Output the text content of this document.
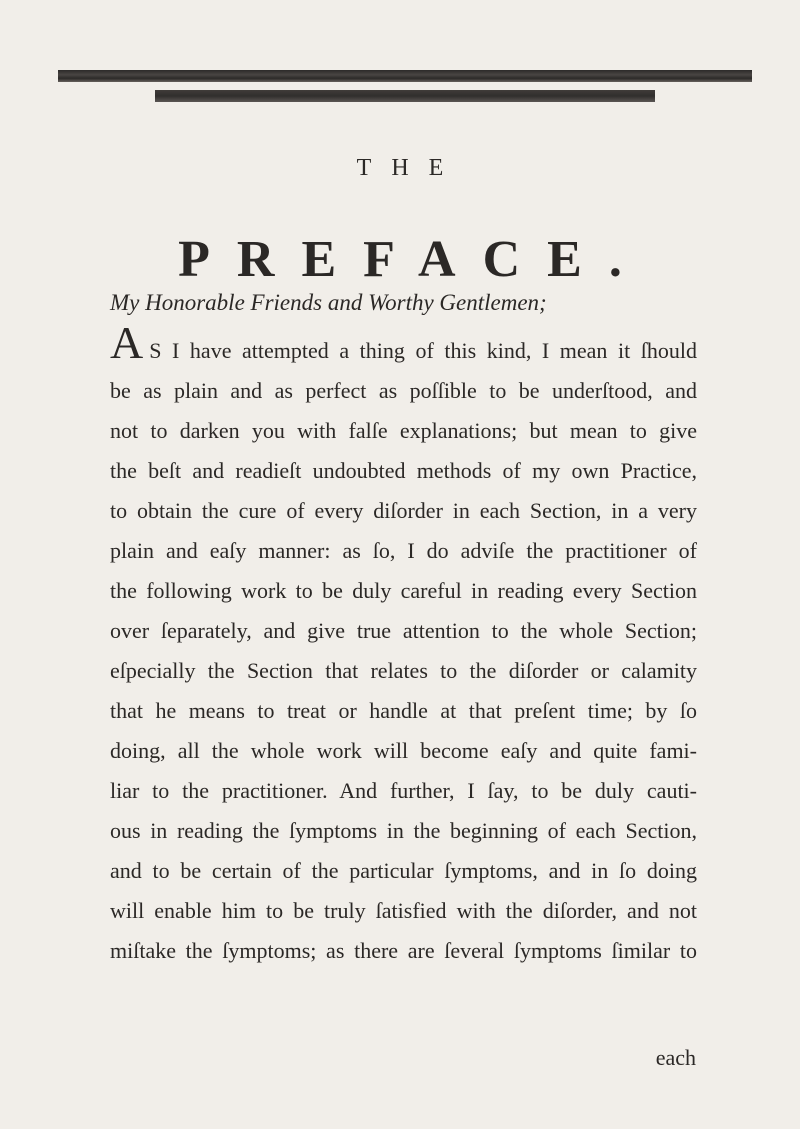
THE
PREFACE.
My Honorable Friends and Worthy Gentlemen;
A S I have attempted a thing of this kind, I mean it ſhould
be as plain and as perfect as poſſible to be underſtood, and
not to darken you with falſe explanations; but mean to give
the beſt and readieſt undoubted methods of my own Practice,
to obtain the cure of every diſorder in each Section, in a very
plain and eaſy manner: as ſo, I do adviſe the practitioner of
the following work to be duly careful in reading every Section
over ſeparately, and give true attention to the whole Section;
eſpecially the Section that relates to the diſorder or calamity
that he means to treat or handle at that preſent time; by ſo
doing, all the whole work will become eaſy and quite fami-
liar to the practitioner. And further, I ſay, to be duly cauti-
ous in reading the ſymptoms in the beginning of each Section,
and to be certain of the particular ſymptoms, and in ſo doing
will enable him to be truly ſatisfied with the diſorder, and not
miſtake the ſymptoms; as there are ſeveral ſymptoms ſimilar to
each
